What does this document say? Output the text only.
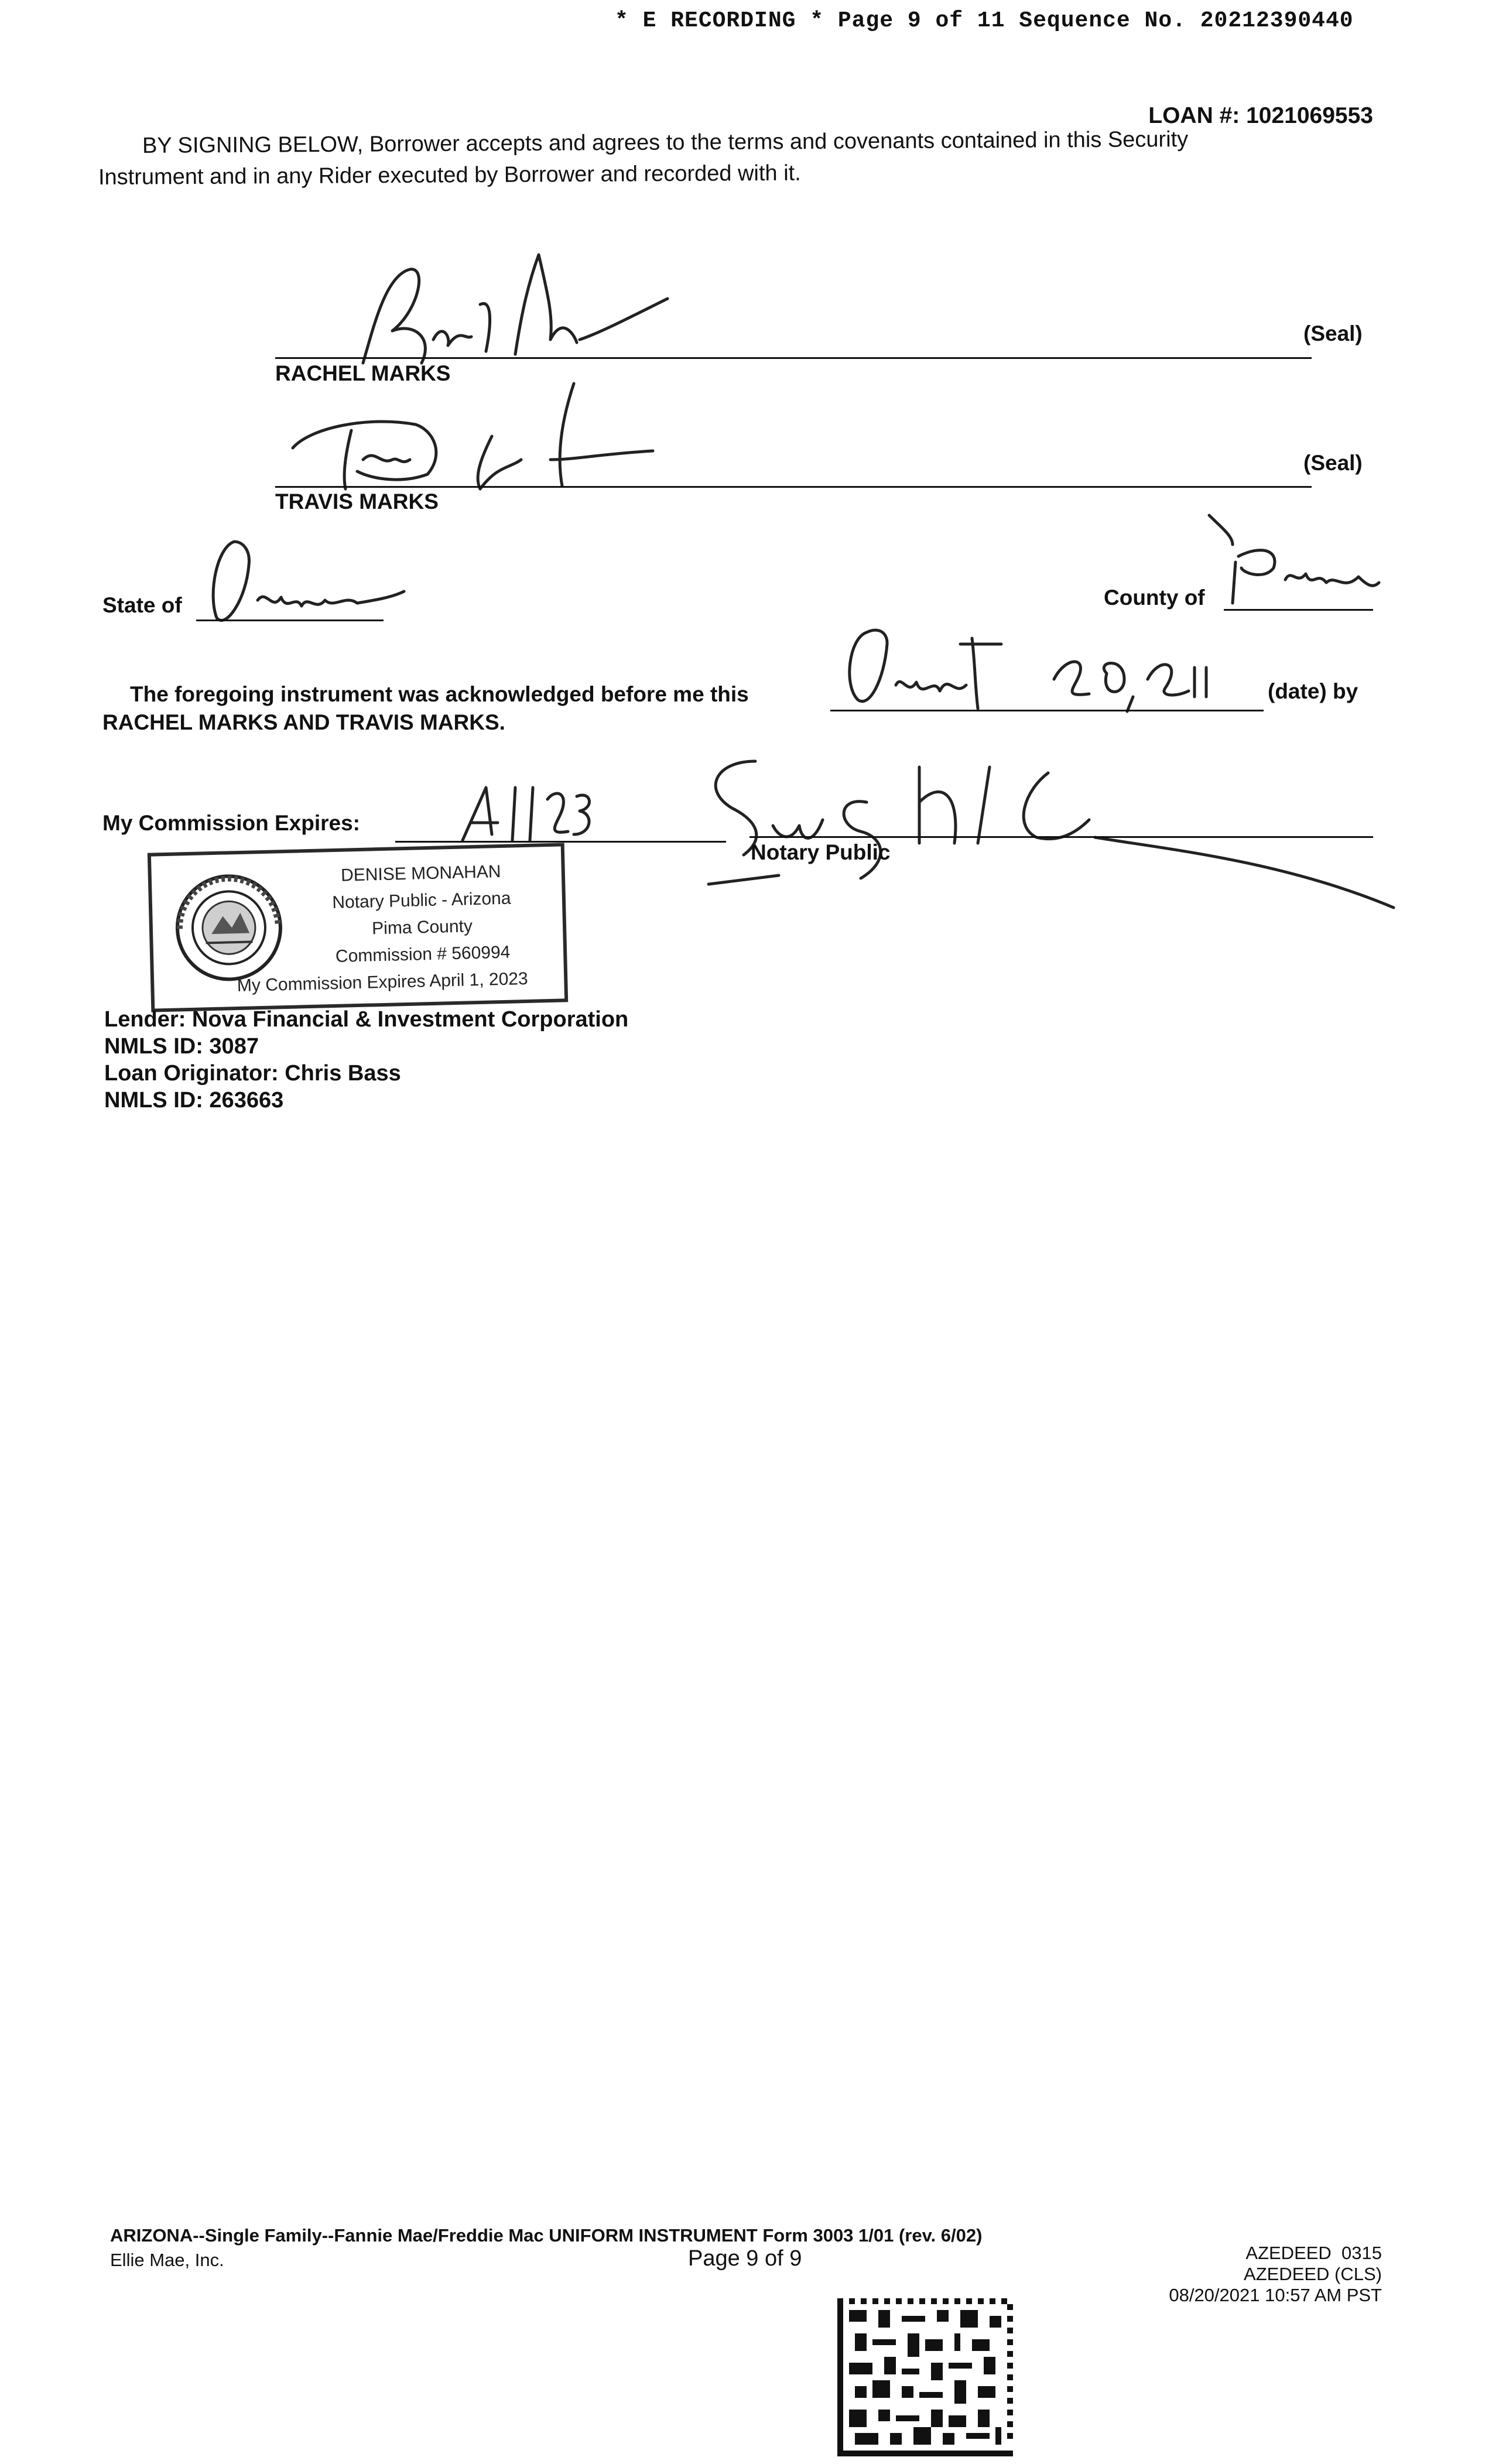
* E RECORDING * Page 9 of 11 Sequence No. 20212390440
LOAN #: 1021069553
BY SIGNING BELOW, Borrower accepts and agrees to the terms and covenants contained in this Security
Instrument and in any Rider executed by Borrower and recorded with it.
(Seal)
RACHEL MARKS
(Seal)
TRAVIS MARKS
State of	County of
The foregoing instrument was acknowledged before me this	(date) by
RACHEL MARKS AND TRAVIS MARKS.
My Commission Expires:
Notary Public
DENISE MONAHAN
Notary Public - Arizona
Pima County
Commission # 560994
My Commission Expires April 1, 2023
Lender: Nova Financial & Investment Corporation
NMLS ID: 3087
Loan Originator: Chris Bass
NMLS ID: 263663
ARIZONA--Single Family--Fannie Mae/Freddie Mac UNIFORM INSTRUMENT Form 3003 1/01 (rev. 6/02)
Ellie Mae, Inc.	Page 9 of 9	AZEDEED  0315
AZEDEED (CLS)
08/20/2021 10:57 AM PST
